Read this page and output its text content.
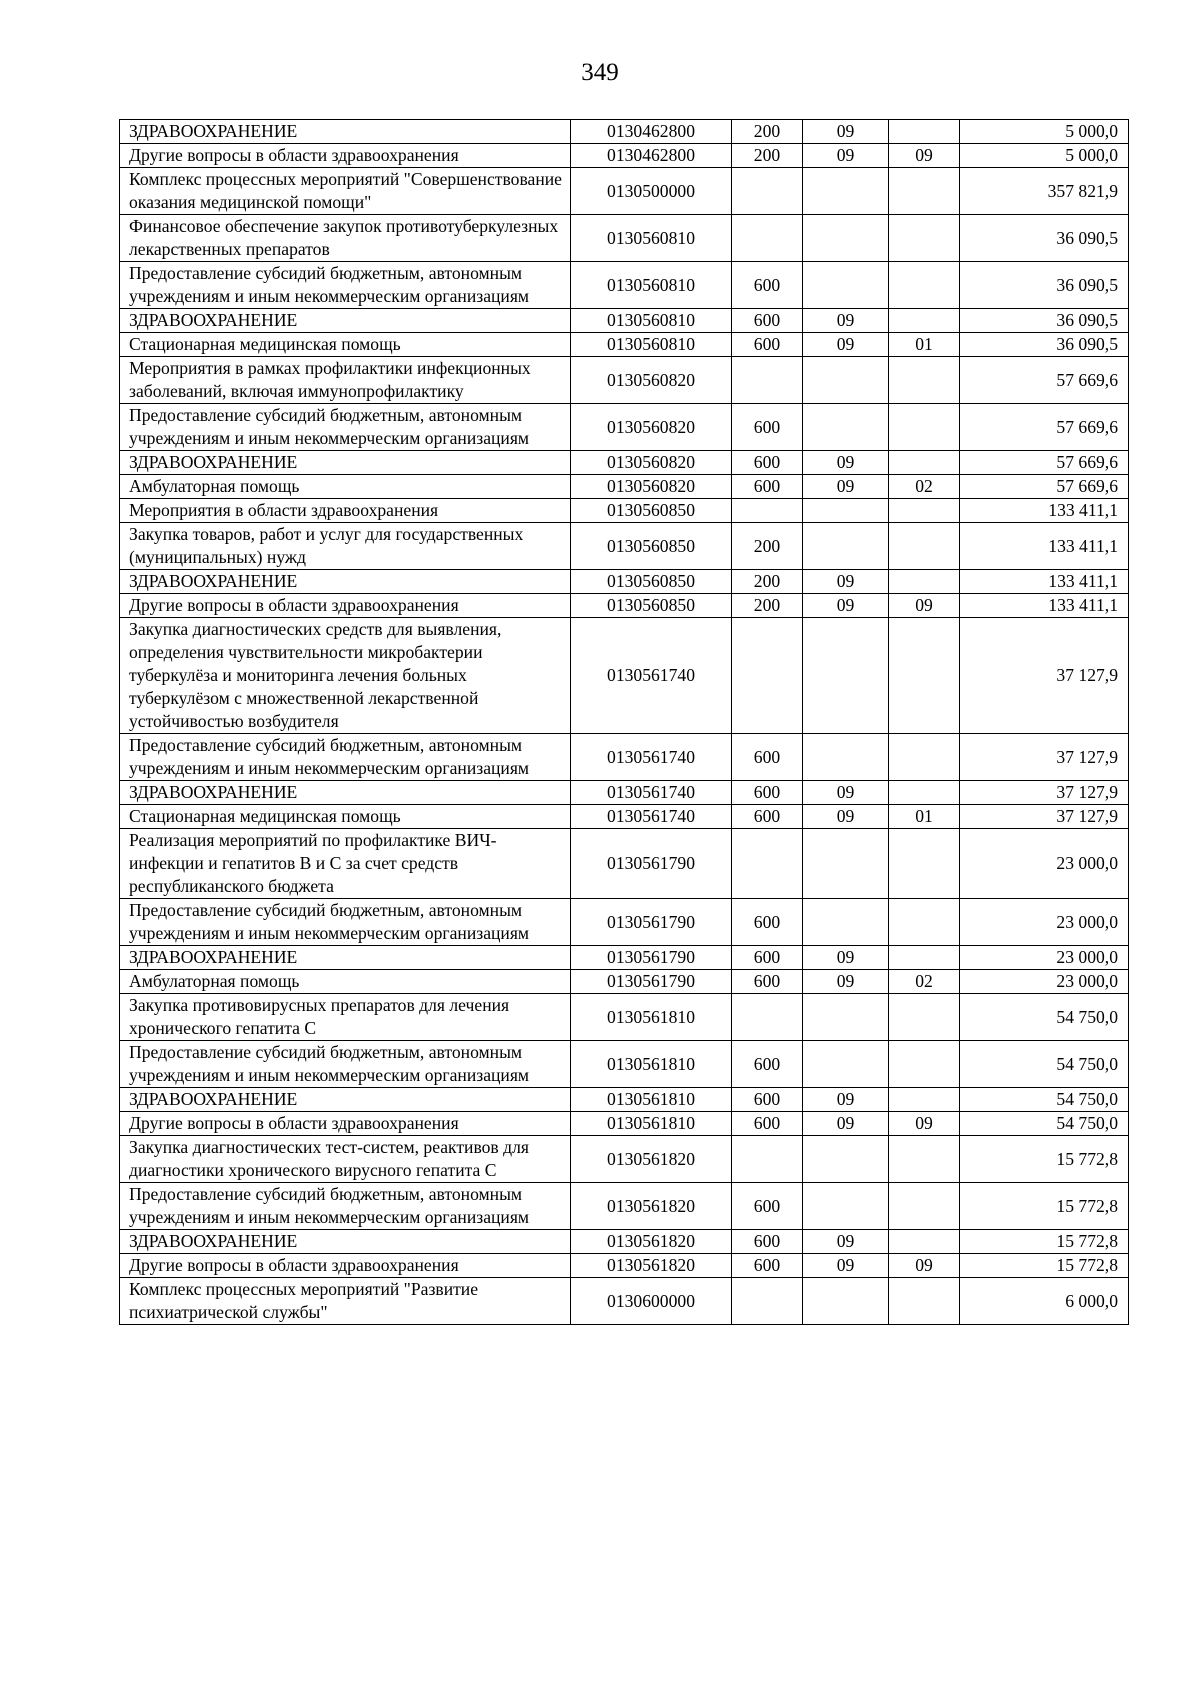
349
ЗДРАВООХРАНЕНИЕ	0130462800	200	09		5 000,0
Другие вопросы в области здравоохранения	0130462800	200	09	09	5 000,0
Комплекс процессных мероприятий "Совершенствование оказания медицинской помощи"	0130500000				357 821,9
Финансовое обеспечение закупок противотуберкулезных лекарственных препаратов	0130560810				36 090,5
Предоставление субсидий бюджетным, автономным учреждениям и иным некоммерческим организациям	0130560810	600			36 090,5
ЗДРАВООХРАНЕНИЕ	0130560810	600	09		36 090,5
Стационарная медицинская помощь	0130560810	600	09	01	36 090,5
Мероприятия в рамках профилактики инфекционных заболеваний, включая иммунопрофилактику	0130560820				57 669,6
Предоставление субсидий бюджетным, автономным учреждениям и иным некоммерческим организациям	0130560820	600			57 669,6
ЗДРАВООХРАНЕНИЕ	0130560820	600	09		57 669,6
Амбулаторная помощь	0130560820	600	09	02	57 669,6
Мероприятия в области здравоохранения	0130560850				133 411,1
Закупка товаров, работ и услуг для государственных (муниципальных) нужд	0130560850	200			133 411,1
ЗДРАВООХРАНЕНИЕ	0130560850	200	09		133 411,1
Другие вопросы в области здравоохранения	0130560850	200	09	09	133 411,1
Закупка диагностических средств для выявления, определения чувствительности микробактерии туберкулёза и мониторинга лечения больных туберкулёзом с множественной лекарственной устойчивостью возбудителя	0130561740				37 127,9
Предоставление субсидий бюджетным, автономным учреждениям и иным некоммерческим организациям	0130561740	600			37 127,9
ЗДРАВООХРАНЕНИЕ	0130561740	600	09		37 127,9
Стационарная медицинская помощь	0130561740	600	09	01	37 127,9
Реализация мероприятий по профилактике ВИЧ-инфекции и гепатитов B и C за счет средств республиканского бюджета	0130561790				23 000,0
Предоставление субсидий бюджетным, автономным учреждениям и иным некоммерческим организациям	0130561790	600			23 000,0
ЗДРАВООХРАНЕНИЕ	0130561790	600	09		23 000,0
Амбулаторная помощь	0130561790	600	09	02	23 000,0
Закупка противовирусных препаратов для лечения хронического гепатита C	0130561810				54 750,0
Предоставление субсидий бюджетным, автономным учреждениям и иным некоммерческим организациям	0130561810	600			54 750,0
ЗДРАВООХРАНЕНИЕ	0130561810	600	09		54 750,0
Другие вопросы в области здравоохранения	0130561810	600	09	09	54 750,0
Закупка диагностических тест-систем, реактивов для диагностики хронического вирусного гепатита С	0130561820				15 772,8
Предоставление субсидий бюджетным, автономным учреждениям и иным некоммерческим организациям	0130561820	600			15 772,8
ЗДРАВООХРАНЕНИЕ	0130561820	600	09		15 772,8
Другие вопросы в области здравоохранения	0130561820	600	09	09	15 772,8
Комплекс процессных мероприятий "Развитие психиатрической службы"	0130600000				6 000,0
